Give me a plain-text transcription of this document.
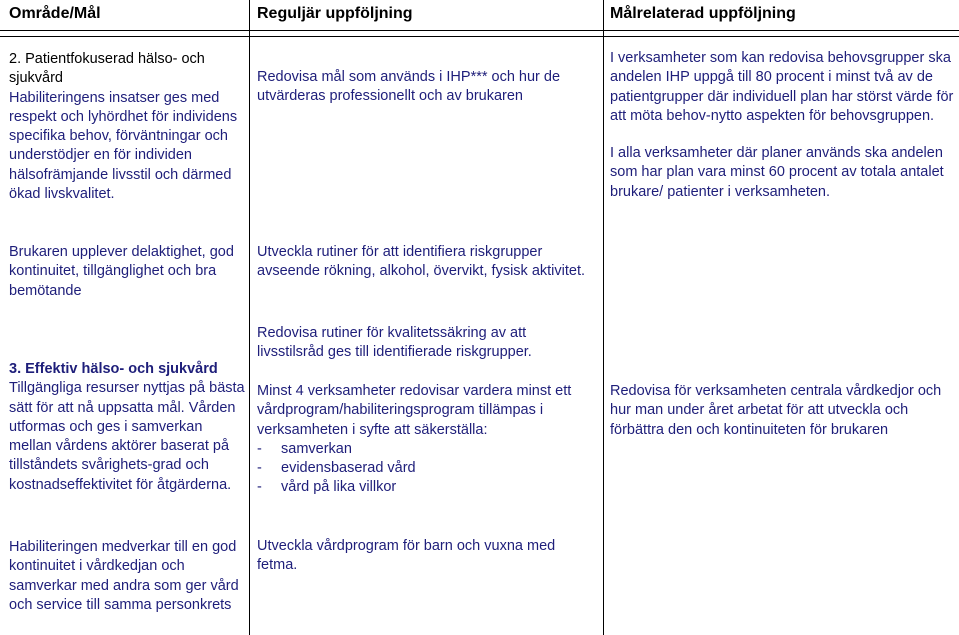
Område/Mål	Reguljär uppföljning	Målrelaterad uppföljning
2. Patientfokuserad hälso- och sjukvård
Habiliteringens insatser ges med respekt och lyhördhet för individens specifika behov, förväntningar och understödjer en för individen hälsofrämjande livsstil och därmed ökad livskvalitet.
Brukaren upplever delaktighet, god kontinuitet, tillgänglighet och bra bemötande
3. Effektiv hälso- och sjukvård
Tillgängliga resurser nyttjas på bästa sätt för att nå uppsatta mål. Vården utformas och ges i samverkan mellan vårdens aktörer baserat på tillståndets svårighets-grad och kostnadseffektivitet för åtgärderna.
Habiliteringen medverkar till en god kontinuitet i vårdkedjan och samverkar med andra som ger vård och service till samma personkrets
Redovisa mål som används i IHP*** och hur de utvärderas professionellt och av brukaren
Utveckla rutiner för att identifiera riskgrupper avseende rökning, alkohol, övervikt, fysisk aktivitet.
Redovisa rutiner för kvalitetssäkring av att livsstilsråd ges till identifierade riskgrupper.
Minst 4 verksamheter redovisar vardera minst ett vårdprogram/habiliteringsprogram tillämpas i verksamheten i syfte att säkerställa:
- samverkan
- evidensbaserad vård
- vård på lika villkor
Utveckla vårdprogram för barn och vuxna med fetma.
I verksamheter som kan redovisa behovsgrupper ska andelen IHP uppgå till 80 procent i minst två av de patientgrupper där individuell plan har störst värde för att möta behov-nytto aspekten för behovsgruppen.
I alla verksamheter där planer används ska andelen som har plan vara minst 60 procent av totala antalet brukare/ patienter i verksamheten.
Redovisa för verksamheten centrala vårdkedjor och hur man under året arbetat för att utveckla och förbättra den och kontinuiteten för brukaren
